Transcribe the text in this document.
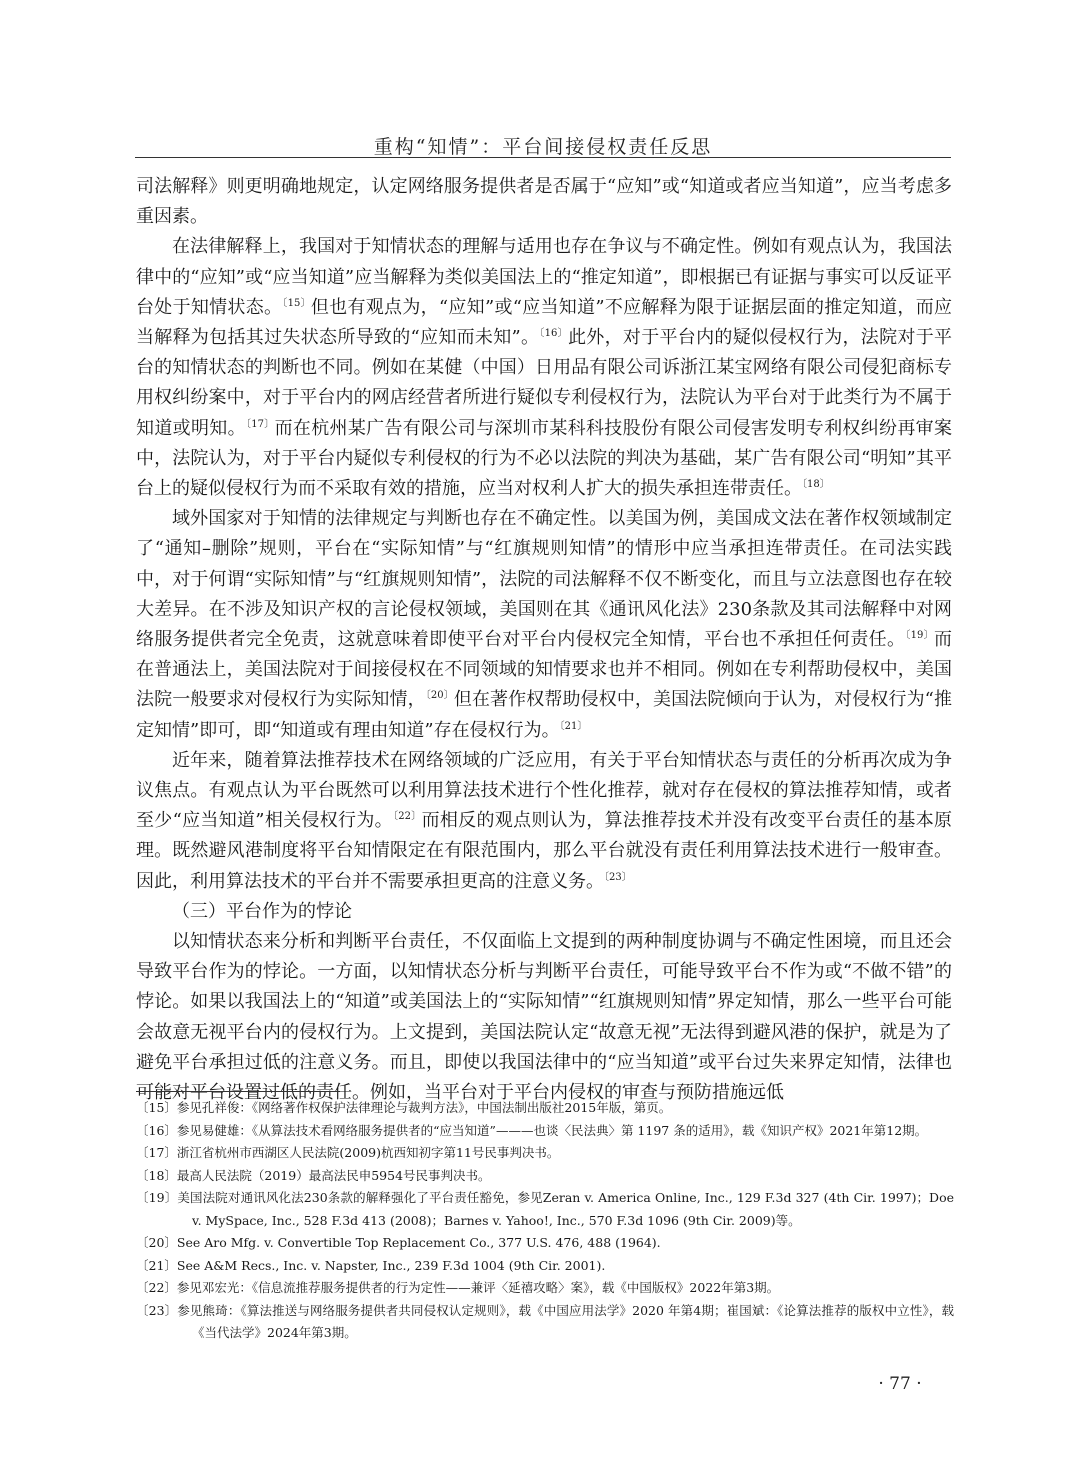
重构“知情”：平台间接侵权责任反思

司法解释》则更明确地规定，认定网络服务提供者是否属于“应知”或“知道或者应当知道”，应当考虑多重因素。

在法律解释上，我国对于知情状态的理解与适用也存在争议与不确定性。例如有观点认为，我国法律中的“应知”或“应当知道”应当解释为类似美国法上的“推定知道”，即根据已有证据与事实可以反证平台处于知情状态。$^{〔15〕}$但也有观点为，“应知”或“应当知道”不应解释为限于证据层面的推定知道，而应当解释为包括其过失状态所导致的“应知而未知”。$^{〔16〕}$此外，对于平台内的疑似侵权行为，法院对于平台的知情状态的判断也不同。例如在某健（中国）日用品有限公司诉浙江某宝网络有限公司侵犯商标专用权纠纷案中，对于平台内的网店经营者所进行疑似专利侵权行为，法院认为平台对于此类行为不属于知道或明知。$^{〔17〕}$而在杭州某广告有限公司与深圳市某科科技股份有限公司侵害发明专利权纠纷再审案中，法院认为，对于平台内疑似专利侵权的行为不必以法院的判决为基础，某广告有限公司“明知”其平台上的疑似侵权行为而不采取有效的措施，应当对权利人扩大的损失承担连带责任。$^{〔18〕}$

域外国家对于知情的法律规定与判断也存在不确定性。以美国为例，美国成文法在著作权领域制定了“通知–删除”规则，平台在“实际知情”与“红旗规则知情”的情形中应当承担连带责任。在司法实践中，对于何谓“实际知情”与“红旗规则知情”，法院的司法解释不仅不断变化，而且与立法意图也存在较大差异。在不涉及知识产权的言论侵权领域，美国则在其《通讯风化法》230条款及其司法解释中对网络服务提供者完全免责，这就意味着即使平台对平台内侵权完全知情，平台也不承担任何责任。$^{〔19〕}$而在普通法上，美国法院对于间接侵权在不同领域的知情要求也并不相同。例如在专利帮助侵权中，美国法院一般要求对侵权行为实际知情，$^{〔20〕}$但在著作权帮助侵权中，美国法院倾向于认为，对侵权行为“推定知情”即可，即“知道或有理由知道”存在侵权行为。$^{〔21〕}$

近年来，随着算法推荐技术在网络领域的广泛应用，有关于平台知情状态与责任的分析再次成为争议焦点。有观点认为平台既然可以利用算法技术进行个性化推荐，就对存在侵权的算法推荐知情，或者至少“应当知道”相关侵权行为。$^{〔22〕}$而相反的观点则认为，算法推荐技术并没有改变平台责任的基本原理。既然避风港制度将平台知情限定在有限范围内，那么平台就没有责任利用算法技术进行一般审查。因此，利用算法技术的平台并不需要承担更高的注意义务。$^{〔23〕}$

（三）平台作为的悖论

以知情状态来分析和判断平台责任，不仅面临上文提到的两种制度协调与不确定性困境，而且还会导致平台作为的悖论。一方面，以知情状态分析与判断平台责任，可能导致平台不作为或“不做不错”的悖论。如果以我国法上的“知道”或美国法上的“实际知情”“红旗规则知情”界定知情，那么一些平台可能会故意无视平台内的侵权行为。上文提到，美国法院认定“故意无视”无法得到避风港的保护，就是为了避免平台承担过低的注意义务。而且，即使以我国法律中的“应当知道”或平台过失来界定知情，法律也可能对平台设置过低的责任。例如，当平台对于平台内侵权的审查与预防措施远低

〔15〕参见孔祥俊：《网络著作权保护法律理论与裁判方法》，中国法制出版社2015年版，第页。

〔16〕参见易健雄：《从算法技术看网络服务提供者的“应当知道”———也谈〈民法典〉第 1197 条的适用》，载《知识产权》2021年第12期。

〔17〕浙江省杭州市西湖区人民法院(2009)杭西知初字第11号民事判决书。

〔18〕最高人民法院（2019）最高法民申5954号民事判决书。

〔19〕美国法院对通讯风化法230条款的解释强化了平台责任豁免，参见Zeran v. America Online, Inc., 129 F.3d 327 (4th Cir. 1997)；Doe v. MySpace, Inc., 528 F.3d 413 (2008)；Barnes v. Yahoo!, Inc., 570 F.3d 1096 (9th Cir. 2009)等。

〔20〕See Aro Mfg. v. Convertible Top Replacement Co., 377 U.S. 476, 488 (1964).

〔21〕See A&M Recs., Inc. v. Napster, Inc., 239 F.3d 1004 (9th Cir. 2001).

〔22〕参见邓宏光：《信息流推荐服务提供者的行为定性——兼评〈延禧攻略〉案》，载《中国版权》2022年第3期。

〔23〕参见熊琦：《算法推送与网络服务提供者共同侵权认定规则》，载《中国应用法学》2020 年第4期；崔国斌：《论算法推荐的版权中立性》，载《当代法学》2024年第3期。

· 77 ·
